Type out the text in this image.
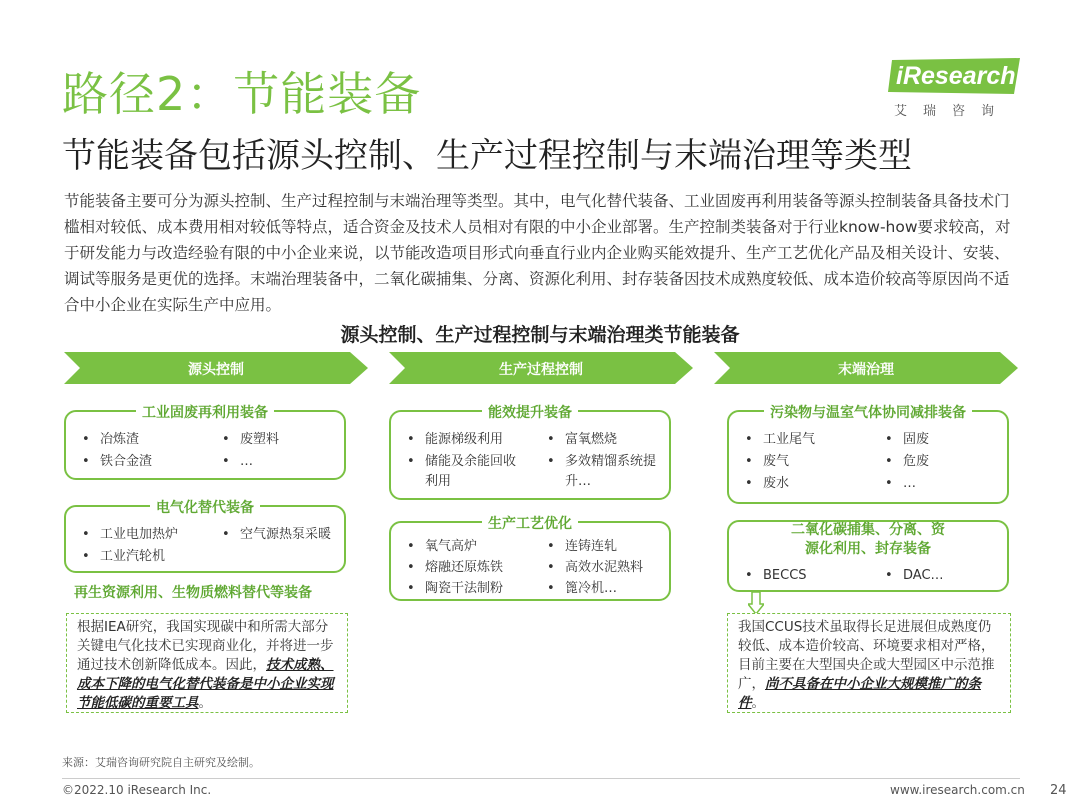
路径2：节能装备
节能装备包括源头控制、生产过程控制与末端治理等类型
iResearch
艾瑞咨询
节能装备主要可分为源头控制、生产过程控制与末端治理等类型。其中，电气化替代装备、工业固废再利用装备等源头控制装备具备技术门槛相对较低、成本费用相对较低等特点，适合资金及技术人员相对有限的中小企业部署。生产控制类装备对于行业know-how要求较高，对于研发能力与改造经验有限的中小企业来说，以节能改造项目形式向垂直行业内企业购买能效提升、生产工艺优化产品及相关设计、安装、调试等服务是更优的选择。末端治理装备中，二氧化碳捕集、分离、资源化利用、封存装备因技术成熟度较低、成本造价较高等原因尚不适合中小企业在实际生产中应用。
源头控制、生产过程控制与末端治理类节能装备
源头控制	生产过程控制	末端治理
工业固废再利用装备
• 冶炼渣	• 废塑料
• 铁合金渣	• …
电气化替代装备
• 工业电加热炉	• 空气源热泵采暖
• 工业汽轮机
再生资源利用、生物质燃料替代等装备
根据IEA研究，我国实现碳中和所需大部分关键电气化技术已实现商业化，并将进一步通过技术创新降低成本。因此，技术成熟、成本下降的电气化替代装备是中小企业实现节能低碳的重要工具。
能效提升装备
• 能源梯级利用	• 富氧燃烧
• 储能及余能回收利用
• 多效精馏系统提升…
生产工艺优化
• 氧气高炉	• 连铸连轧
• 熔融还原炼铁	• 高效水泥熟料
• 陶瓷干法制粉	• 篦冷机…
污染物与温室气体协同减排装备
• 工业尾气	• 固废
• 废气	• 危废
• 废水	• …
二氧化碳捕集、分离、资
源化利用、封存装备
• BECCS	• DAC…
我国CCUS技术虽取得长足进展但成熟度仍较低、成本造价较高、环境要求相对严格，目前主要在大型国央企或大型园区中示范推广，尚不具备在中小企业大规模推广的条件。
来源：艾瑞咨询研究院自主研究及绘制。
©2022.10 iResearch Inc.	www.iresearch.com.cn 24
